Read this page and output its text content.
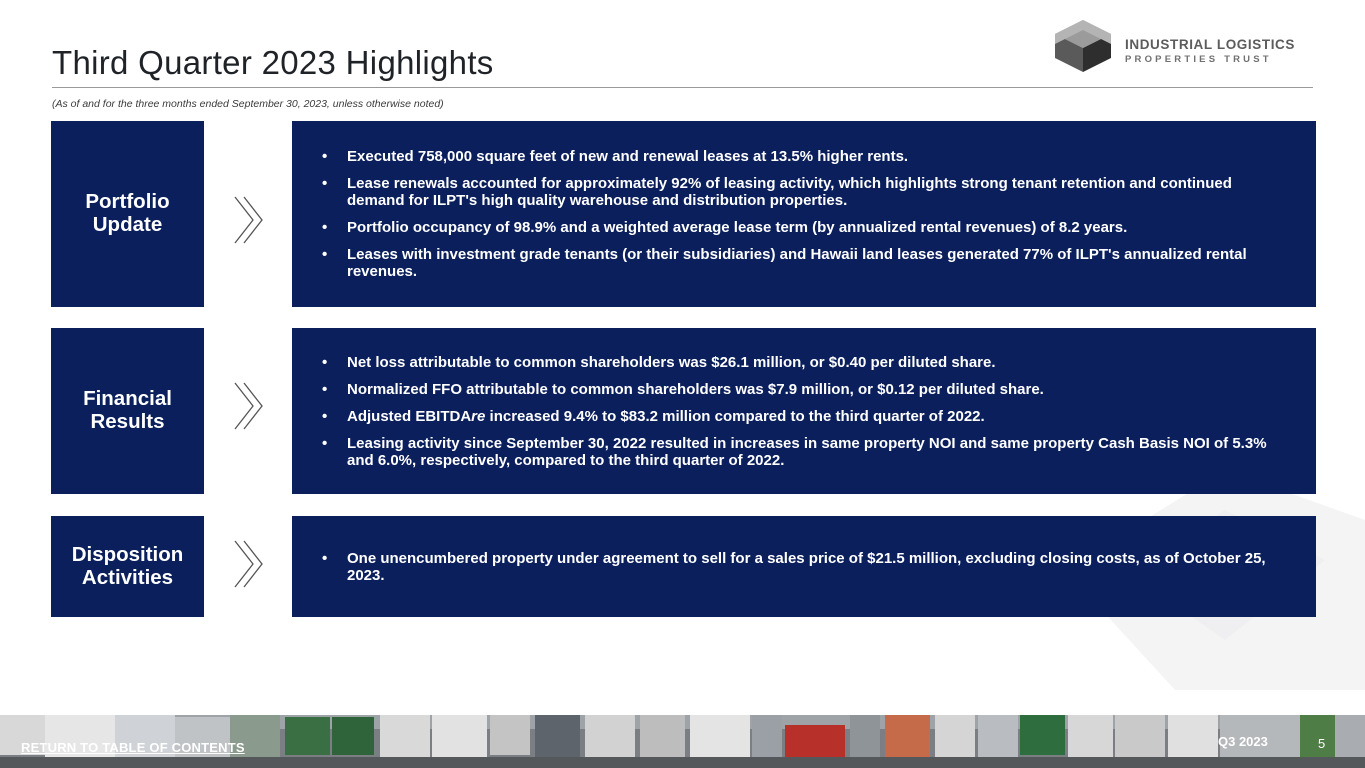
Third Quarter 2023 Highlights
(As of and for the three months ended September 30, 2023, unless otherwise noted)
INDUSTRIAL LOGISTICS
PROPERTIES TRUST
Portfolio Update
• Executed 758,000 square feet of new and renewal leases at 13.5% higher rents.
• Lease renewals accounted for approximately 92% of leasing activity, which highlights strong tenant retention and continued demand for ILPT's high quality warehouse and distribution properties.
• Portfolio occupancy of 98.9% and a weighted average lease term (by annualized rental revenues) of 8.2 years.
• Leases with investment grade tenants (or their subsidiaries) and Hawaii land leases generated 77% of ILPT's annualized rental revenues.
Financial Results
• Net loss attributable to common shareholders was $26.1 million, or $0.40 per diluted share.
• Normalized FFO attributable to common shareholders was $7.9 million, or $0.12 per diluted share.
• Adjusted EBITDAre increased 9.4% to $83.2 million compared to the third quarter of 2022.
• Leasing activity since September 30, 2022 resulted in increases in same property NOI and same property Cash Basis NOI of 5.3% and 6.0%, respectively, compared to the third quarter of 2022.
Disposition Activities
• One unencumbered property under agreement to sell for a sales price of $21.5 million, excluding closing costs, as of October 25, 2023.
RETURN TO TABLE OF CONTENTS	Q3 2023	5
